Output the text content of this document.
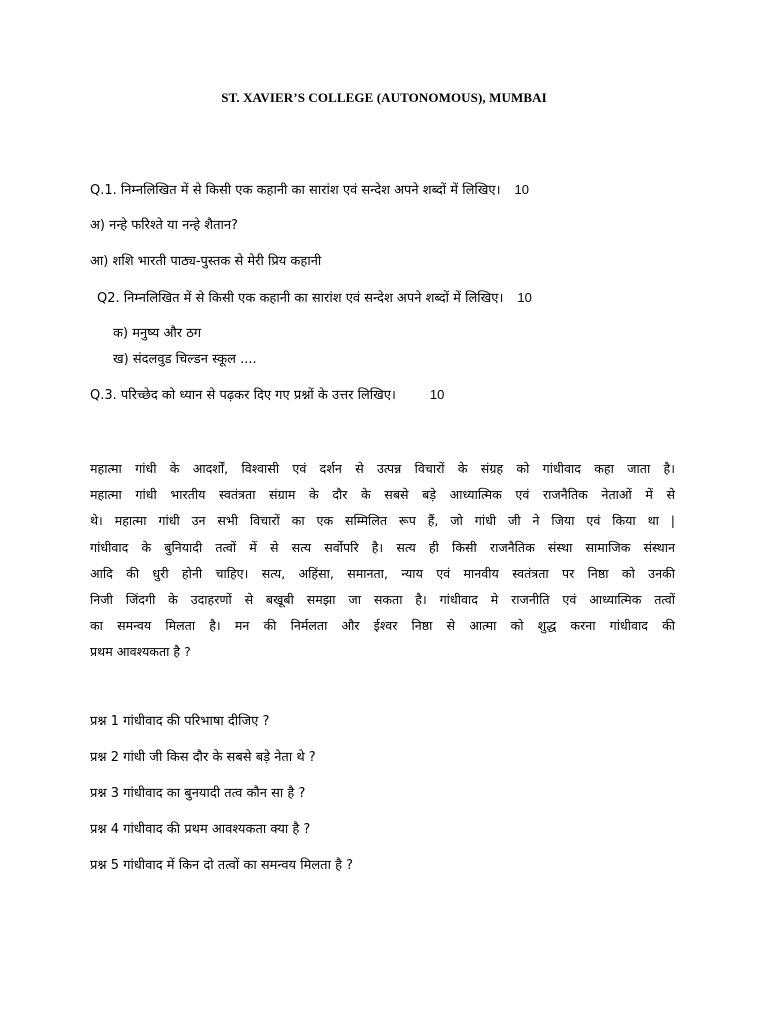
ST. XAVIER’S COLLEGE (AUTONOMOUS), MUMBAI
Q.1. निम्नलिखित में से किसी एक कहानी का सारांश एवं सन्देश अपने शब्दों में लिखिए। 10
अ) नन्हे फरिश्ते या नन्हे शैतान?
आ) शशि भारती पाठ्य-पुस्तक से मेरी प्रिय कहानी
Q2. निम्नलिखित में से किसी एक कहानी का सारांश एवं सन्देश अपने शब्दों में लिखिए। 10
क) मनुष्य और ठग
ख) संदलवुड चिल्डन स्कूल ....
Q.3. परिच्छेद को ध्यान से पढ़कर दिए गए प्रश्नों के उत्तर लिखिए।	10
महात्मा गांधी के आदर्शों, विश्वासी एवं दर्शन से उत्पन्न विचारों के संग्रह को गांधीवाद कहा जाता है।
महात्मा गांधी भारतीय स्वतंत्रता संग्राम के दौर के सबसे बड़े आध्यात्मिक एवं राजनैतिक नेताओं में से
थे। महात्मा गांधी उन सभी विचारों का एक सम्मिलित रूप हैं, जो गांधी जी ने जिया एवं किया था |
गांधीवाद के बुनियादी तत्वों में से सत्य सर्वोपरि है। सत्य ही किसी राजनैतिक संस्था सामाजिक संस्थान
आदि की धुरी होनी चाहिए। सत्य, अहिंसा, समानता, न्याय एवं मानवीय स्वतंत्रता पर निष्ठा को उनकी
निजी जिंदगी के उदाहरणों से बखूबी समझा जा सकता है। गांधीवाद मे राजनीति एवं आध्यात्मिक तत्वों
का समन्वय मिलता है। मन की निर्मलता और ईश्वर निष्ठा से आत्मा को शुद्ध करना गांधीवाद की
प्रथम आवश्यकता है ?
प्रश्न 1 गांधीवाद की परिभाषा दीजिए ?
प्रश्न 2 गांधी जी किस दौर के सबसे बड़े नेता थे ?
प्रश्न 3 गांधीवाद का बुनयादी तत्व कौन सा है ?
प्रश्न 4 गांधीवाद की प्रथम आवश्यकता क्या है ?
प्रश्न 5 गांधीवाद में किन दो तत्वों का समन्वय मिलता है ?
